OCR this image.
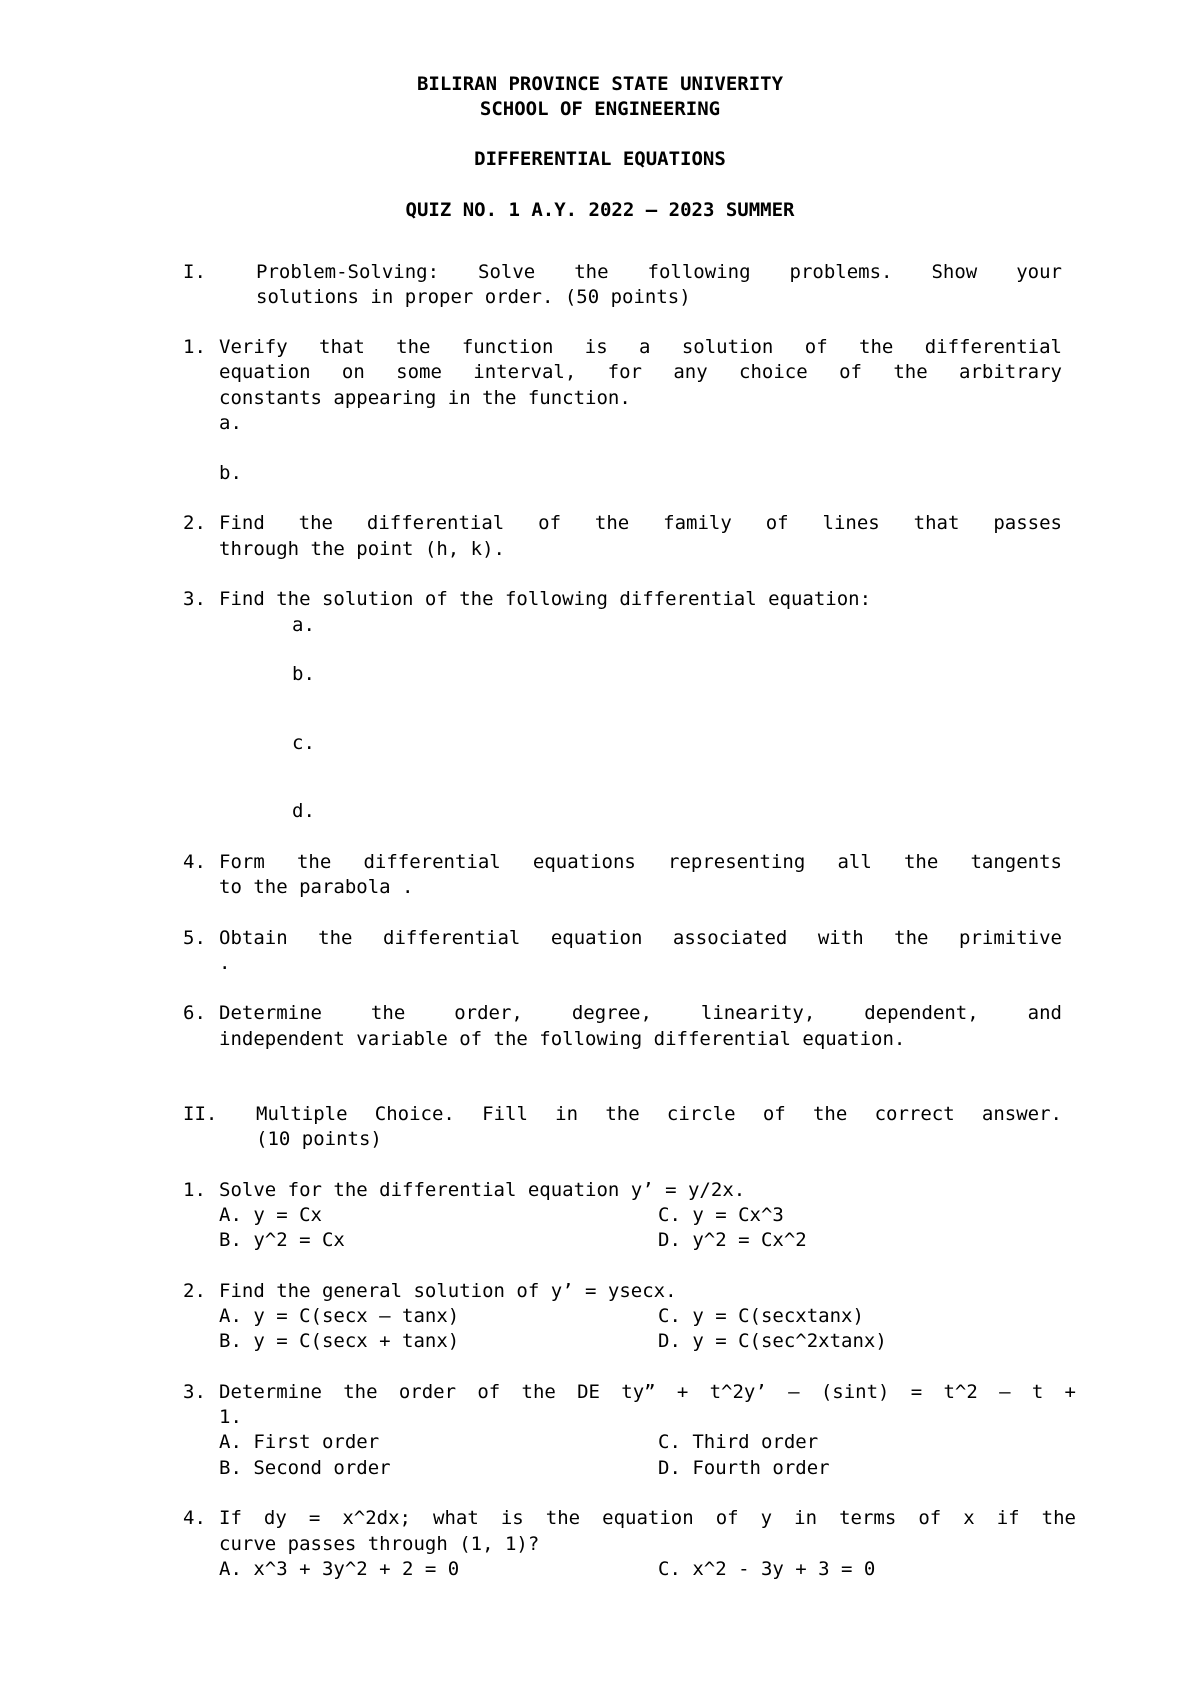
BILIRAN PROVINCE STATE UNIVERITY
SCHOOL OF ENGINEERING
DIFFERENTIAL EQUATIONS
QUIZ NO. 1 A.Y. 2022 – 2023 SUMMER
I.	Problem-Solving: Solve the following problems. Show your
solutions in proper order. (50 points)
1. Verify that the function is a solution of the differential
equation on some interval, for any choice of the arbitrary
constants appearing in the function.
a.
b.
2. Find the differential of the family of lines that passes
through the point (h, k).
3. Find the solution of the following differential equation:
a.
b.
c.
d.
4. Form the differential equations representing all the tangents
to the parabola .
5. Obtain the differential equation associated with the primitive
.
6. Determine the order, degree, linearity, dependent, and
independent variable of the following differential equation.
II. Multiple Choice. Fill in the circle of the correct answer.
(10 points)
1. Solve for the differential equation y’ = y/2x.
A. y = Cx	C. y = Cx^3
B. y^2 = Cx	D. y^2 = Cx^2
2. Find the general solution of y’ = ysecx.
A. y = C(secx – tanx)	C. y = C(secxtanx)
B. y = C(secx + tanx)	D. y = C(sec^2xtanx)
3. Determine the order of the DE ty” + t^2y’ – (sint) = t^2 – t +
1.
A. First order	C. Third order
B. Second order	D. Fourth order
4. If dy = x^2dx; what is the equation of y in terms of x if the
curve passes through (1, 1)?
A. x^3 + 3y^2 + 2 = 0	C. x^2 - 3y + 3 = 0
